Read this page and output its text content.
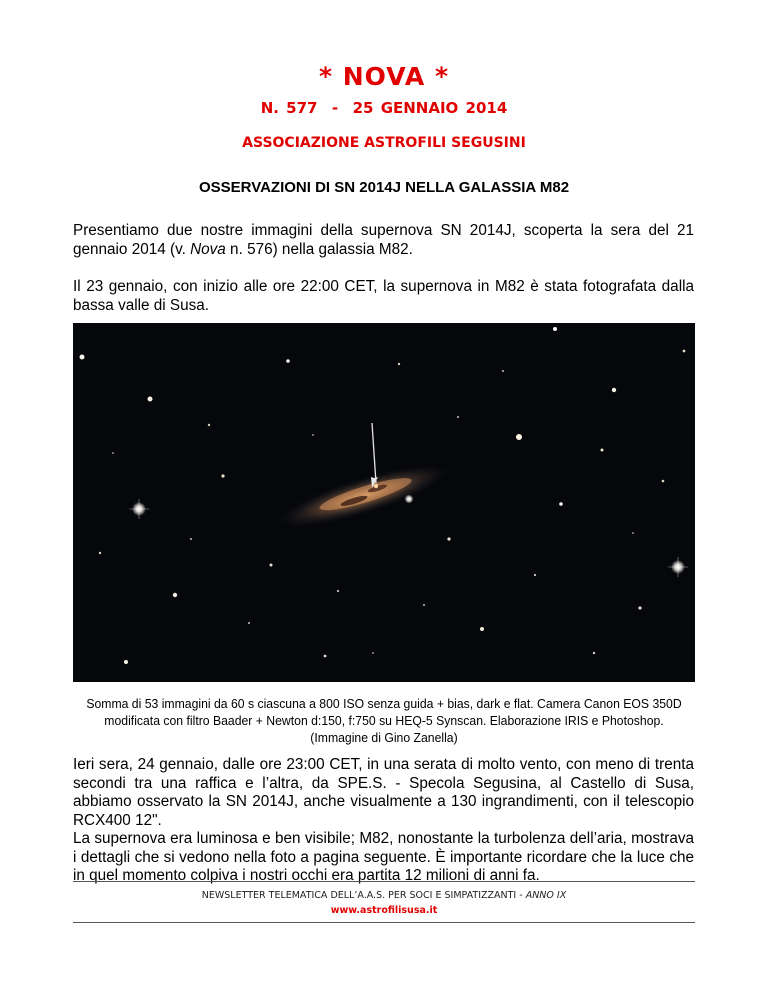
* NOVA *
N. 577  -  25 GENNAIO 2014
ASSOCIAZIONE ASTROFILI SEGUSINI
OSSERVAZIONI DI SN 2014J NELLA GALASSIA M82
Presentiamo due nostre immagini della supernova SN 2014J, scoperta la sera del 21 gennaio 2014 (v. Nova n. 576) nella galassia M82.
Il 23 gennaio, con inizio alle ore 22:00 CET, la supernova in M82 è stata fotografata dalla bassa valle di Susa.
Somma di 53 immagini da 60 s ciascuna a 800 ISO senza guida + bias, dark e flat. Camera Canon EOS 350D
modificata con filtro Baader + Newton d:150, f:750 su HEQ-5 Synscan. Elaborazione IRIS e Photoshop.
(Immagine di Gino Zanella)
Ieri sera, 24 gennaio, dalle ore 23:00 CET, in una serata di molto vento, con meno di trenta secondi tra una raffica e l’altra, da SPE.S. - Specola Segusina, al Castello di Susa, abbiamo osservato la SN 2014J, anche visualmente a 130 ingrandimenti, con il telescopio RCX400 12".
La supernova era luminosa e ben visibile; M82, nonostante la turbolenza dell’aria, mostrava i dettagli che si vedono nella foto a pagina seguente. È importante ricordare che la luce che in quel momento colpiva i nostri occhi era partita 12 milioni di anni fa.
NEWSLETTER TELEMATICA DELL’A.A.S. PER SOCI E SIMPATIZZANTI - ANNO IX
www.astrofilisusa.it
